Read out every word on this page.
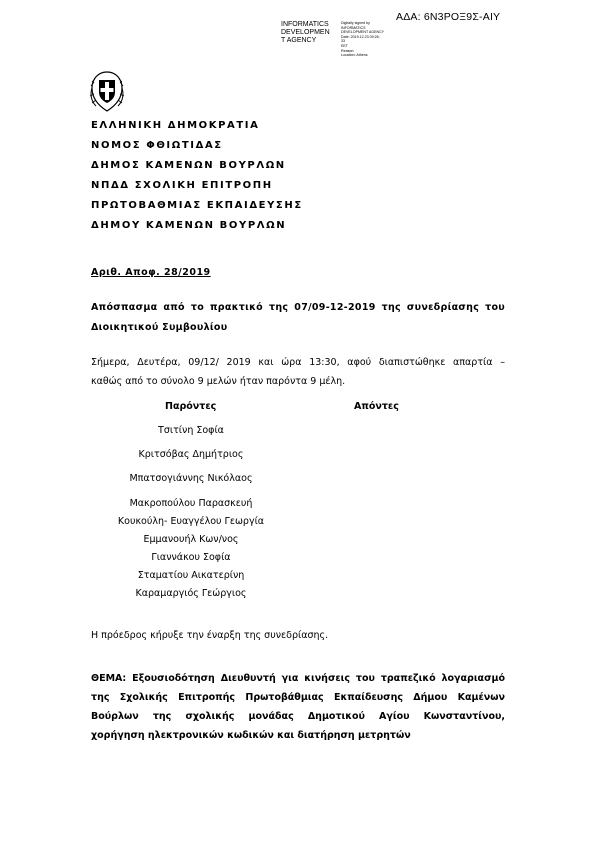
ΑΔΑ: 6Ν3ΡΟΞ9Σ-ΑΙΥ
INFORMATICS
DEVELOPMEN
T AGENCY
Digitally signed by
INFORMATICS
DEVELOPMENT AGENCY
Date: 2019.12.23 09:26:
33
EET
Reason:
Location: Athens
ΕΛΛΗΝΙΚΗ ΔΗΜΟΚΡΑΤΙΑ
ΝΟΜΟΣ ΦΘΙΩΤΙΔΑΣ
ΔΗΜΟΣ ΚΑΜΕΝΩΝ ΒΟΥΡΛΩΝ
ΝΠΔΔ ΣΧΟΛΙΚΗ ΕΠΙΤΡΟΠΗ
ΠΡΩΤΟΒΑΘΜΙΑΣ ΕΚΠΑΙΔΕΥΣΗΣ
ΔΗΜΟΥ ΚΑΜΕΝΩΝ ΒΟΥΡΛΩΝ
Αριθ. Αποφ. 28/2019
Απόσπασμα από το πρακτικό της 07/09-12-2019 της συνεδρίασης του
Διοικητικού Συμβουλίου
Σήμερα, Δευτέρα, 09/12/ 2019 και ώρα 13:30, αφού διαπιστώθηκε απαρτία –
καθώς από το σύνολο 9 μελών ήταν παρόντα 9 μέλη.
Παρόντες	Απόντες
Τσιτίνη Σοφία
Κριτσόβας Δημήτριος
Μπατσογιάννης Νικόλαος
Μακροπούλου Παρασκευή
Κουκούλη- Ευαγγέλου Γεωργία
Εμμανουήλ Κων/νος
Γιαννάκου Σοφία
Σταματίου Αικατερίνη
Καραμαργιός Γεώργιος
Η πρόεδρος κήρυξε την έναρξη της συνεδρίασης.
ΘΕΜΑ: Εξουσιοδότηση Διευθυντή για κινήσεις του τραπεζικό λογαριασμό
της Σχολικής Επιτροπής Πρωτοβάθμιας Εκπαίδευσης Δήμου Καμένων
Βούρλων της σχολικής μονάδας Δημοτικού Αγίου Κωνσταντίνου,
χορήγηση ηλεκτρονικών κωδικών και διατήρηση μετρητών
